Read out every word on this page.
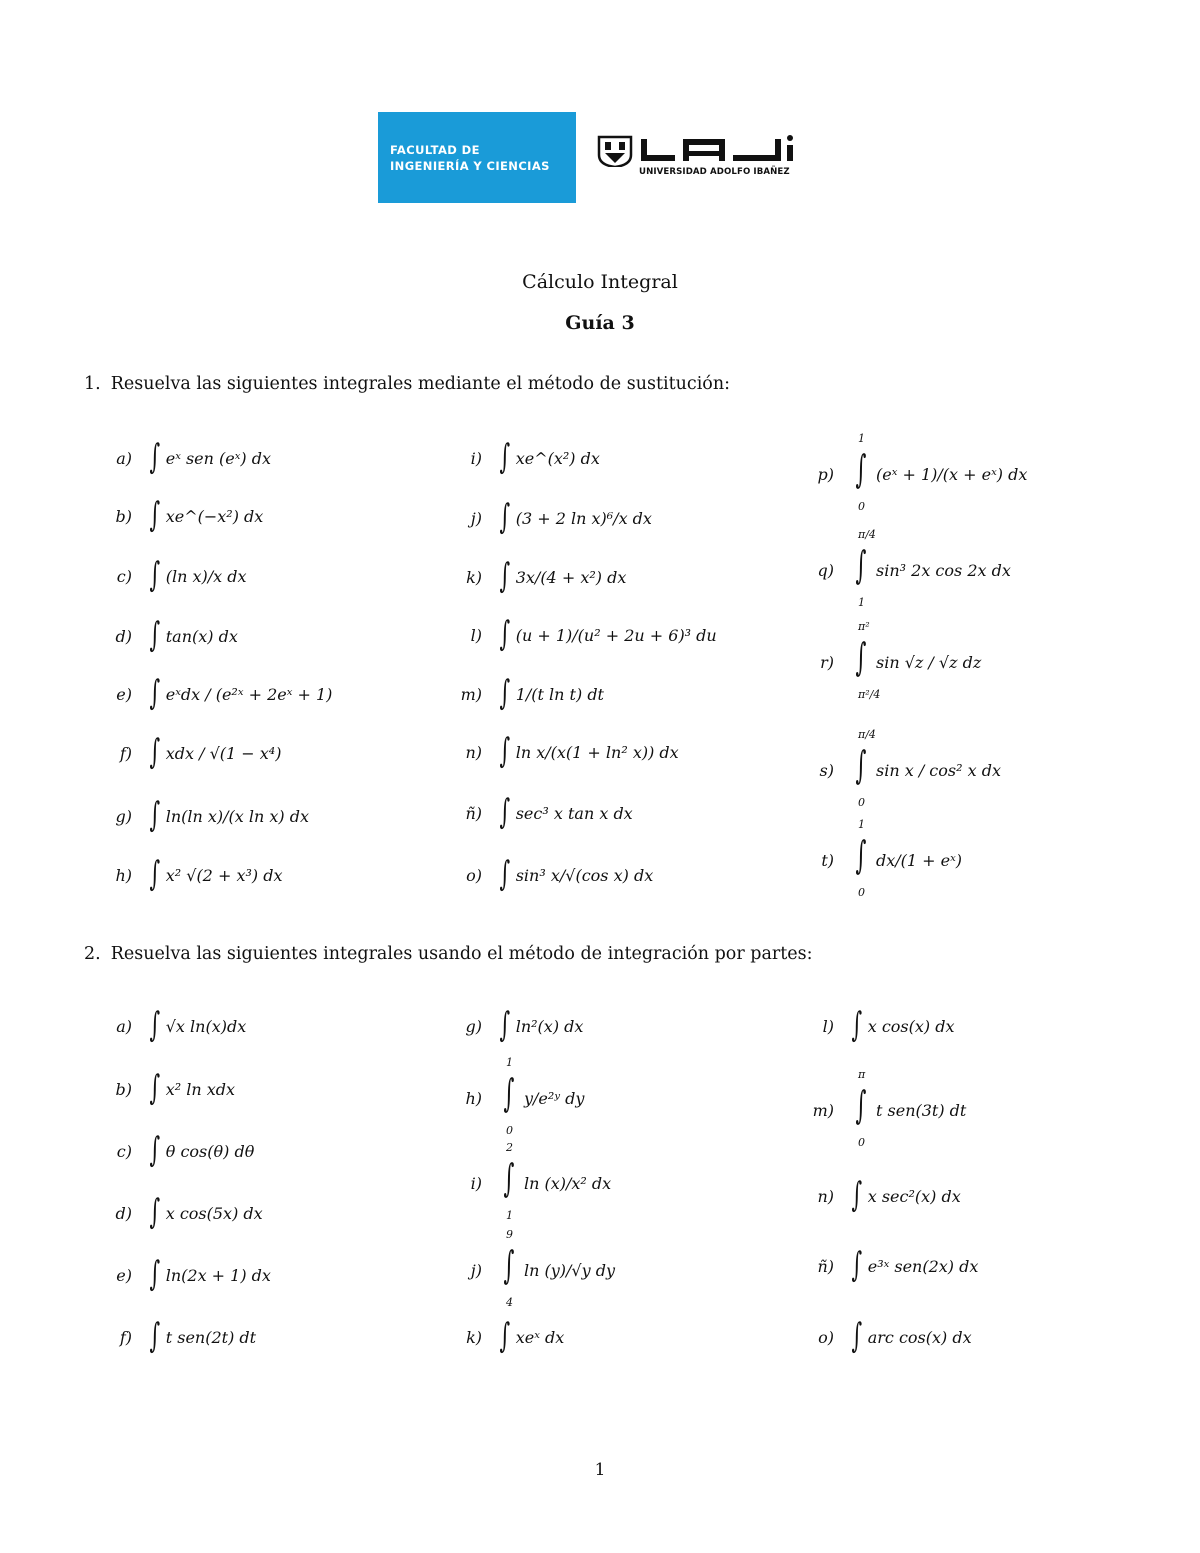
FACULTAD DE
INGENIERÍA Y CIENCIAS	UNIVERSIDAD ADOLFO IBAÑEZ
Cálculo Integral
Guía 3
1. Resuelva las siguientes integrales mediante el método de sustitución:
a) ∫ eˣ sen (eˣ) dx
b) ∫ xe^(−x²) dx
c) ∫ (ln x)/x dx
d) ∫ tan(x) dx
e) ∫ eˣdx / (e²ˣ + 2eˣ + 1)
f) ∫ xdx / √(1 − x⁴)
g) ∫ ln(ln x)/(x ln x) dx
h) ∫ x² √(2 + x³) dx
i) ∫ xe^(x²) dx
j) ∫ (3 + 2 ln x)⁶/x dx
k) ∫ 3x/(4 + x²) dx
l) ∫ (u + 1)/(u² + 2u + 6)³ du
m) ∫ 1/(t ln t) dt
n) ∫ ln x/(x(1 + ln² x)) dx
ñ) ∫ sec³ x tan x dx
o) ∫ sin³ x/√(cos x) dx
p)
1
∫
0
(eˣ + 1)/(x + eˣ) dx
q)
π/4
∫
1
sin³ 2x cos 2x dx
r)
π²
∫
π²/4
sin √z / √z dz
s)
π/4
∫
0
sin x / cos² x dx
t)
1
∫
0
dx/(1 + eˣ)
2. Resuelva las siguientes integrales usando el método de integración por partes:
a) ∫ √x ln(x)dx
b) ∫ x² ln xdx
c) ∫ θ cos(θ) dθ
d) ∫ x cos(5x) dx
e) ∫ ln(2x + 1) dx
f) ∫ t sen(2t) dt
g) ∫ ln²(x) dx
h)
1
∫
0
y/e²ʸ dy
i)
2
∫
1
ln (x)/x² dx
j)
9
∫
4
ln (y)/√y dy
k) ∫ xeˣ dx
l) ∫ x cos(x) dx
m)
π
∫
0
t sen(3t) dt
n) ∫ x sec²(x) dx
ñ) ∫ e³ˣ sen(2x) dx
o) ∫ arc cos(x) dx
1
